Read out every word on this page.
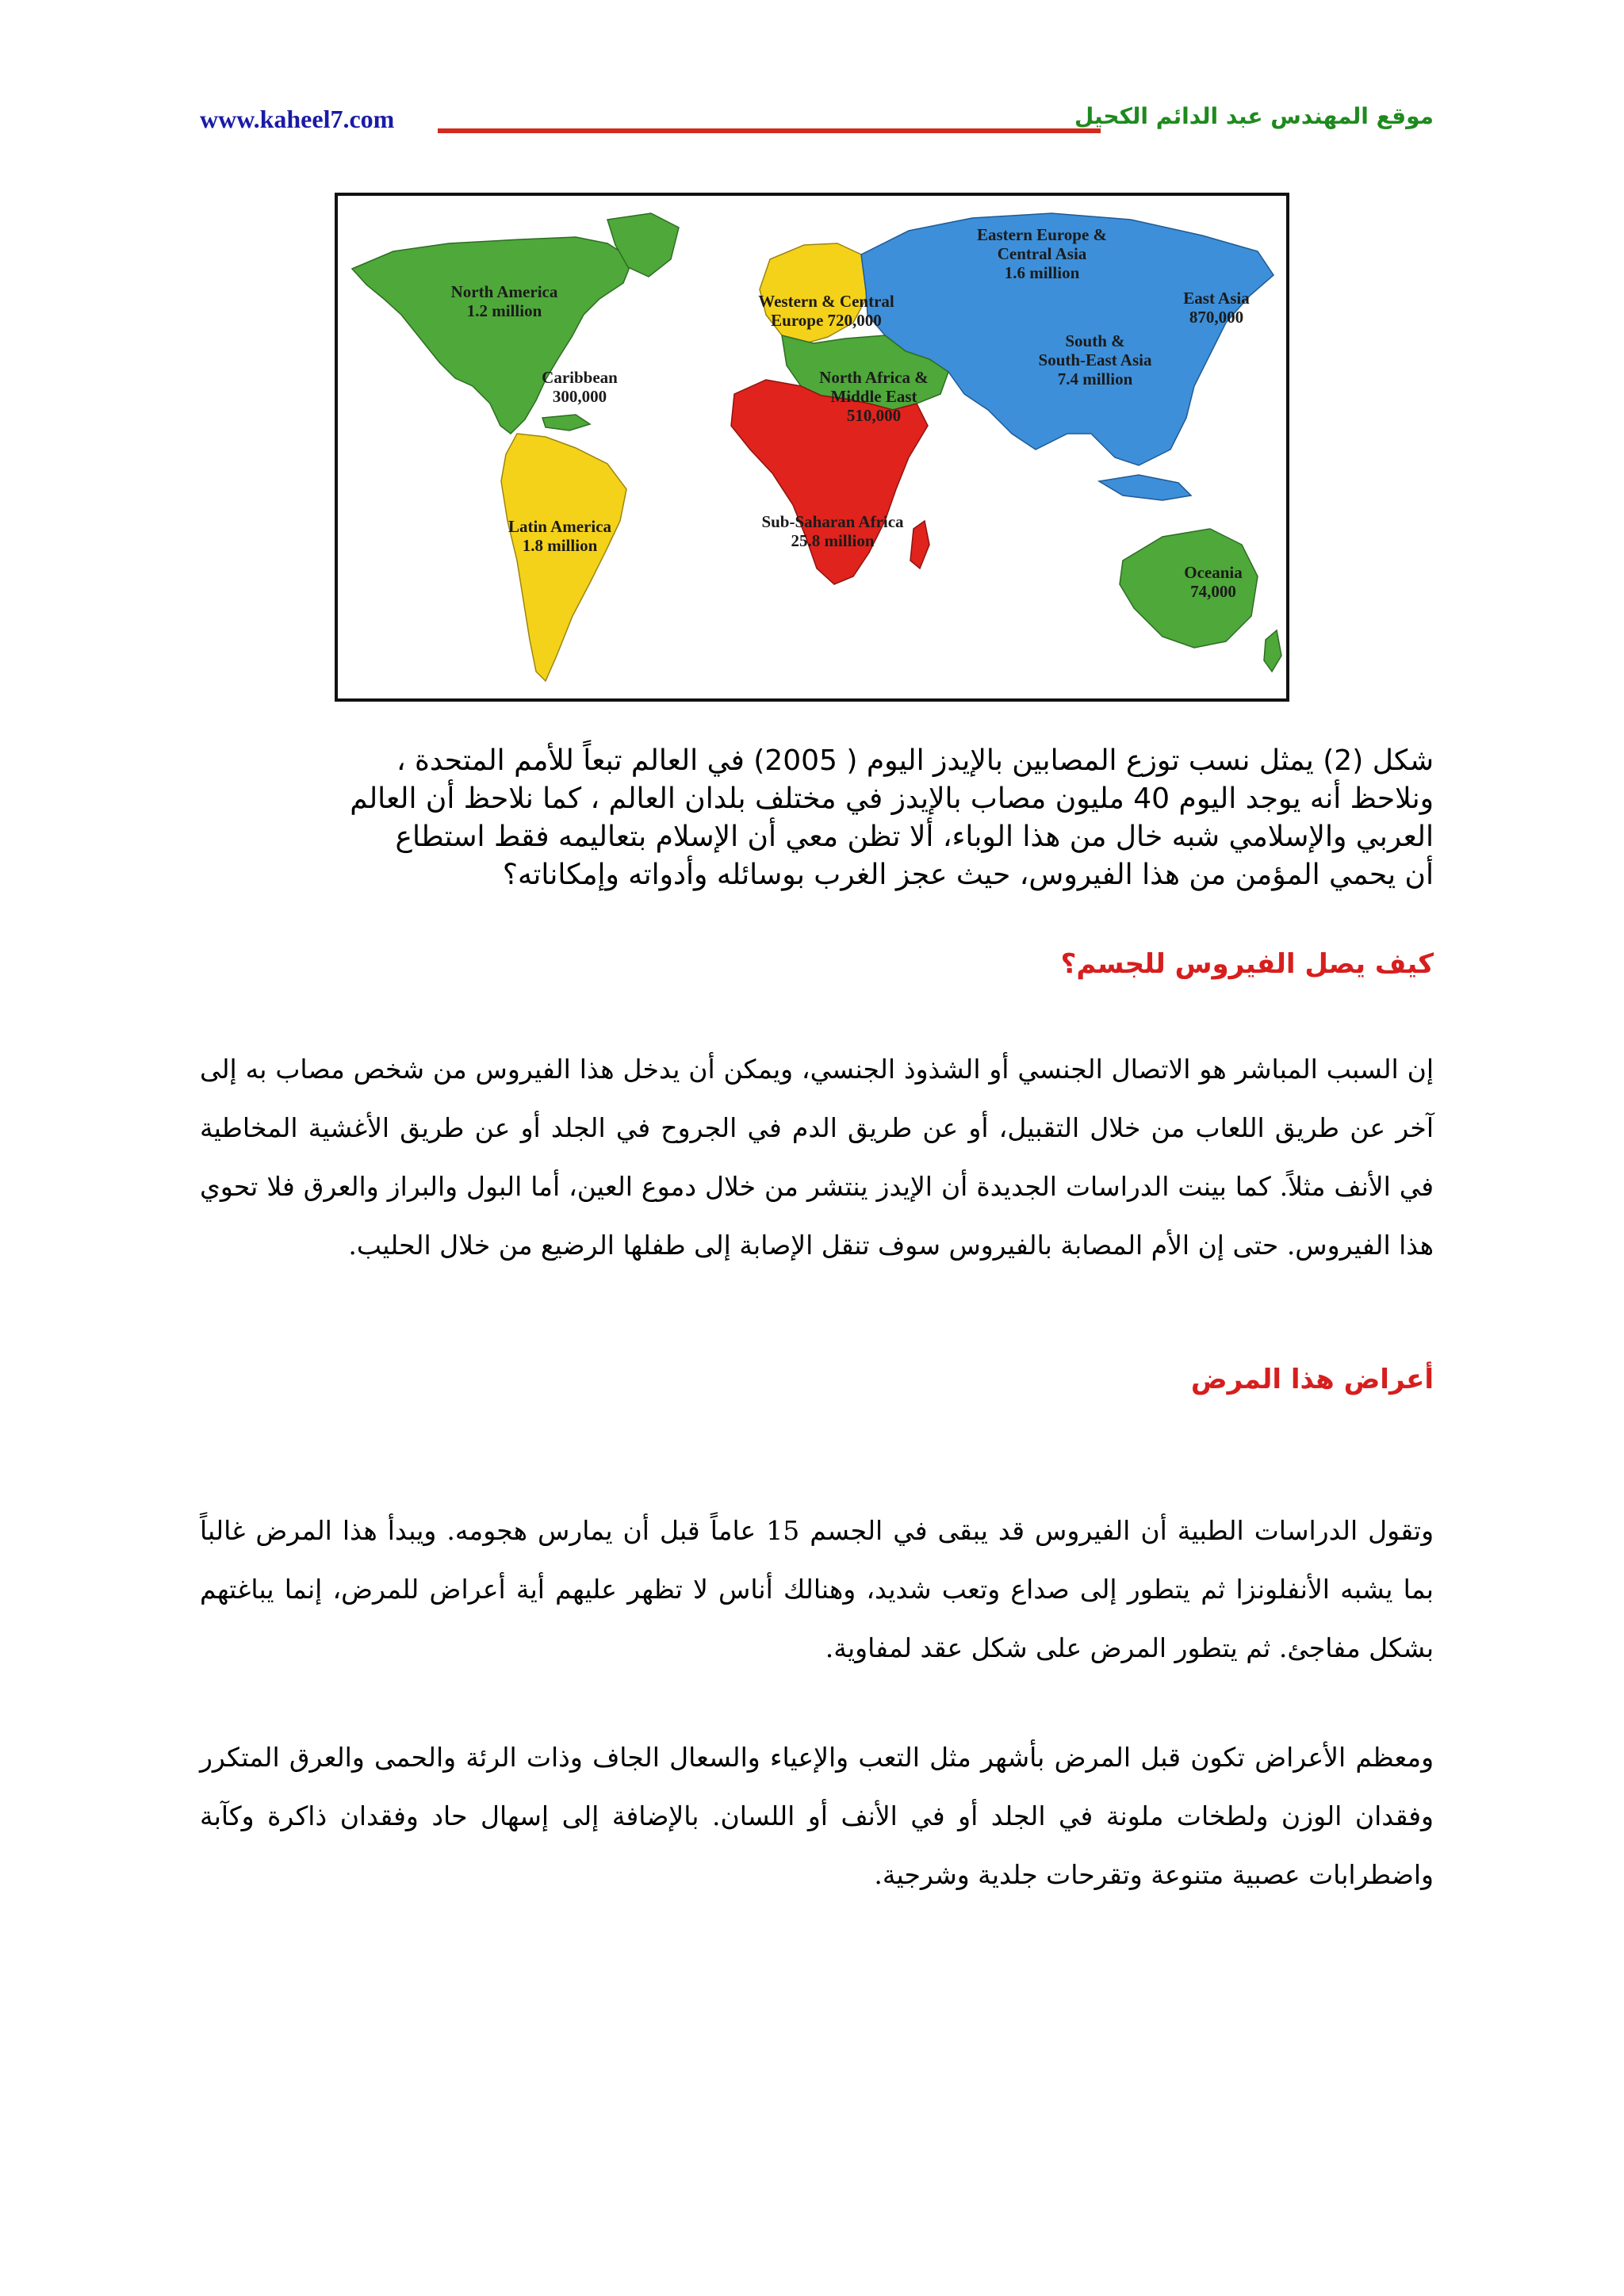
www.kaheel7.com	موقع المهندس عبد الدائم الكحيل
North America
1.2 million
Caribbean
300,000
Latin America
1.8 million
Western & Central
Europe 720,000
Eastern Europe &
Central Asia
1.6 million
East Asia
870,000
South &
South-East Asia
7.4 million
North Africa &
Middle East
510,000
Sub-Saharan Africa
25.8 million
Oceania
74,000

شكل (2) يمثل نسب توزع المصابين بالإيدز اليوم ( 2005) في العالم تبعاً للأمم المتحدة ،

ونلاحظ أنه يوجد اليوم 40 مليون مصاب بالإيدز في مختلف بلدان العالم ، كما نلاحظ أن العالم

العربي والإسلامي شبه خال من هذا الوباء، ألا تظن معي أن الإسلام بتعاليمه فقط استطاع

أن يحمي المؤمن من هذا الفيروس، حيث عجز الغرب بوسائله وأدواته وإمكاناته؟

كيف يصل الفيروس للجسم؟

إن السبب المباشر هو الاتصال الجنسي أو الشذوذ الجنسي، ويمكن أن يدخل هذا الفيروس من شخص مصاب به إلى آخر عن طريق اللعاب من خلال التقبيل، أو عن طريق الدم في الجروح في الجلد أو عن طريق الأغشية المخاطية في الأنف مثلاً. كما بينت الدراسات الجديدة أن الإيدز ينتشر من خلال دموع العين، أما البول والبراز والعرق فلا تحوي هذا الفيروس. حتى إن الأم المصابة بالفيروس سوف تنقل الإصابة إلى طفلها الرضيع من خلال الحليب.

أعراض هذا المرض

وتقول الدراسات الطبية أن الفيروس قد يبقى في الجسم 15 عاماً قبل أن يمارس هجومه. ويبدأ هذا المرض غالباً بما يشبه الأنفلونزا ثم يتطور إلى صداع وتعب شديد، وهنالك أناس لا تظهر عليهم أية أعراض للمرض، إنما يباغتهم بشكل مفاجئ. ثم يتطور المرض على شكل عقد لمفاوية.

ومعظم الأعراض تكون قبل المرض بأشهر مثل التعب والإعياء والسعال الجاف وذات الرئة والحمى والعرق المتكرر وفقدان الوزن ولطخات ملونة في الجلد أو في الأنف أو اللسان. بالإضافة إلى إسهال حاد وفقدان ذاكرة وكآبة واضطرابات عصبية متنوعة وتقرحات جلدية وشرجية.
